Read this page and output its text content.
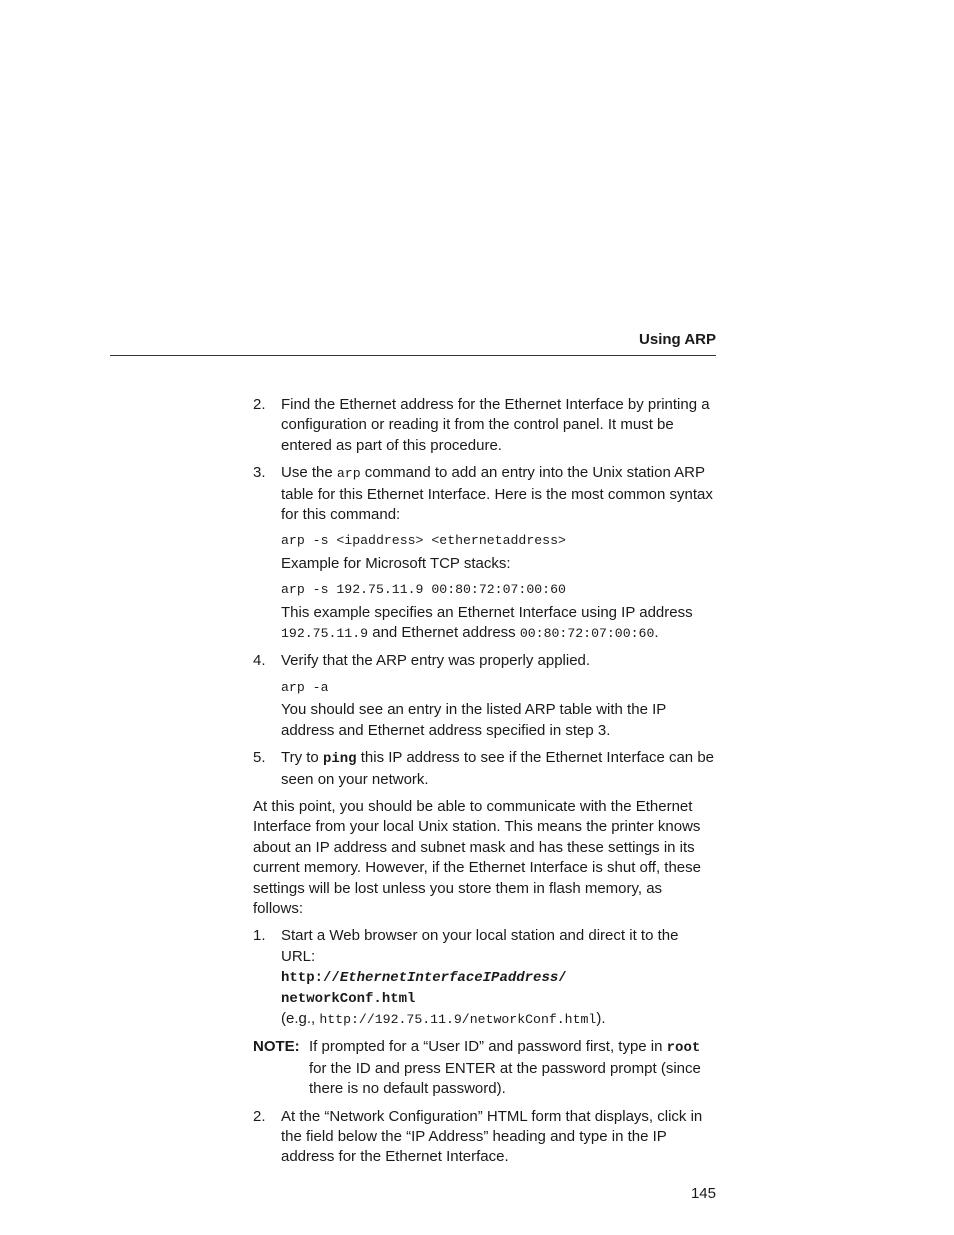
Using ARP
2. Find the Ethernet address for the Ethernet Interface by printing a configuration or reading it from the control panel. It must be entered as part of this procedure.
3. Use the arp command to add an entry into the Unix station ARP table for this Ethernet Interface. Here is the most common syntax for this command:
arp -s <ipaddress> <ethernetaddress>
Example for Microsoft TCP stacks:
arp -s 192.75.11.9 00:80:72:07:00:60
This example specifies an Ethernet Interface using IP address 192.75.11.9 and Ethernet address 00:80:72:07:00:60.
4. Verify that the ARP entry was properly applied.
arp -a
You should see an entry in the listed ARP table with the IP address and Ethernet address specified in step 3.
5. Try to ping this IP address to see if the Ethernet Interface can be seen on your network.
At this point, you should be able to communicate with the Ethernet Interface from your local Unix station. This means the printer knows about an IP address and subnet mask and has these settings in its current memory. However, if the Ethernet Interface is shut off, these settings will be lost unless you store them in flash memory, as follows:
1. Start a Web browser on your local station and direct it to the URL:
http://EthernetInterfaceIPaddress/
networkConf.html
(e.g., http://192.75.11.9/networkConf.html).
NOTE: If prompted for a “User ID” and password first, type in root for the ID and press ENTER at the password prompt (since there is no default password).
2. At the “Network Configuration” HTML form that displays, click in the field below the “IP Address” heading and type in the IP address for the Ethernet Interface.
145
